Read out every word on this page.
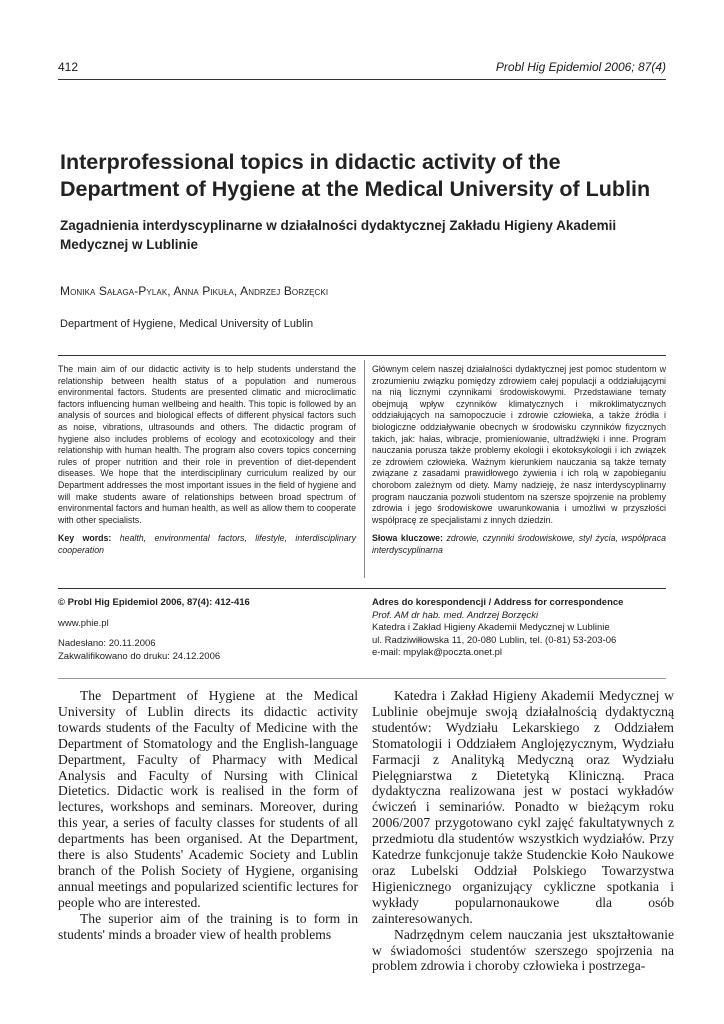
412	Probl Hig Epidemiol 2006; 87(4)
Interprofessional topics in didactic activity of the Department of Hygiene at the Medical University of Lublin
Zagadnienia interdyscyplinarne w działalności dydaktycznej Zakładu Higieny Akademii Medycznej w Lublinie
Monika Sałaga-Pylak, Anna Pikuła, Andrzej Borzęcki
Department of Hygiene, Medical University of Lublin
The main aim of our didactic activity is to help students understand the relationship between health status of a population and numerous environmental factors. Students are presented climatic and microclimatic factors influencing human wellbeing and health. This topic is followed by an analysis of sources and biological effects of different physical factors such as noise, vibrations, ultrasounds and others. The didactic program of hygiene also includes problems of ecology and ecotoxicology and their relationship with human health. The program also covers topics concerning rules of proper nutrition and their role in prevention of diet-dependent diseases. We hope that the interdisciplinary curriculum realized by our Department addresses the most important issues in the field of hygiene and will make students aware of relationships between broad spectrum of environmental factors and human health, as well as allow them to cooperate with other specialists.
Key words: health, environmental factors, lifestyle, interdisciplinary cooperation
Głównym celem naszej działalności dydaktycznej jest pomoc studentom w zrozumieniu związku pomiędzy zdrowiem całej populacji a oddziałującymi na nią licznymi czynnikami środowiskowymi. Przedstawiane tematy obejmują wpływ czynników klimatycznych i mikroklimatycznych oddziałujących na samopoczucie i zdrowie człowieka, a także źródła i biologiczne oddziaływanie obecnych w środowisku czynników fizycznych takich, jak: hałas, wibracje, promieniowanie, ultradźwięki i inne. Program nauczania porusza także problemy ekologii i ekotoksykologii i ich związek ze zdrowiem człowieka. Ważnym kierunkiem nauczania są także tematy związane z zasadami prawidłowego żywienia i ich rolą w zapobieganiu chorobom zależnym od diety. Mamy nadzieję, że nasz interdyscyplinarny program nauczania pozwoli studentom na szersze spojrzenie na problemy zdrowia i jego środowiskowe uwarunkowania i umożliwi w przyszłości współpracę ze specjalistami z innych dziedzin.
Słowa kluczowe: zdrowie, czynniki środowiskowe, styl życia, współpraca interdyscyplinarna
© Probl Hig Epidemiol 2006, 87(4): 412-416
www.phie.pl
Nadesłano: 20.11.2006
Zakwalifikowano do druku: 24.12.2006
Adres do korespondencji / Address for correspondence
Prof. AM dr hab. med. Andrzej Borzęcki
Katedra i Zakład Higieny Akademii Medycznej w Lublinie
ul. Radziwiłłowska 11, 20-080 Lublin, tel. (0-81) 53-203-06
e-mail: mpylak@poczta.onet.pl

The Department of Hygiene at the Medical University of Lublin directs its didactic activity towards students of the Faculty of Medicine with the Department of Stomatology and the English-language Department, Faculty of Pharmacy with Medical Analysis and Faculty of Nursing with Clinical Dietetics. Didactic work is realised in the form of lectures, workshops and seminars. Moreover, during this year, a series of faculty classes for students of all departments has been organised. At the Department, there is also Students' Academic Society and Lublin branch of the Polish Society of Hygiene, organising annual meetings and popularized scientific lectures for people who are interested.

The superior aim of the training is to form in students' minds a broader view of health problems

Katedra i Zakład Higieny Akademii Medycznej w Lublinie obejmuje swoją działalnością dydaktyczną studentów: Wydziału Lekarskiego z Oddziałem Stomatologii i Oddziałem Anglojęzycznym, Wydziału Farmacji z Analityką Medyczną oraz Wydziału Pielęgniarstwa z Dietetyką Kliniczną. Praca dydaktyczna realizowana jest w postaci wykładów ćwiczeń i seminariów. Ponadto w bieżącym roku 2006/2007 przygotowano cykl zajęć fakultatywnych z przedmiotu dla studentów wszystkich wydziałów. Przy Katedrze funkcjonuje także Studenckie Koło Naukowe oraz Lubelski Oddział Polskiego Towarzystwa Higienicznego organizujący cykliczne spotkania i wykłady popularnonaukowe dla osób zainteresowanych.

Nadrzędnym celem nauczania jest ukształtowanie w świadomości studentów szerszego spojrzenia na problem zdrowia i choroby człowieka i postrzega-
